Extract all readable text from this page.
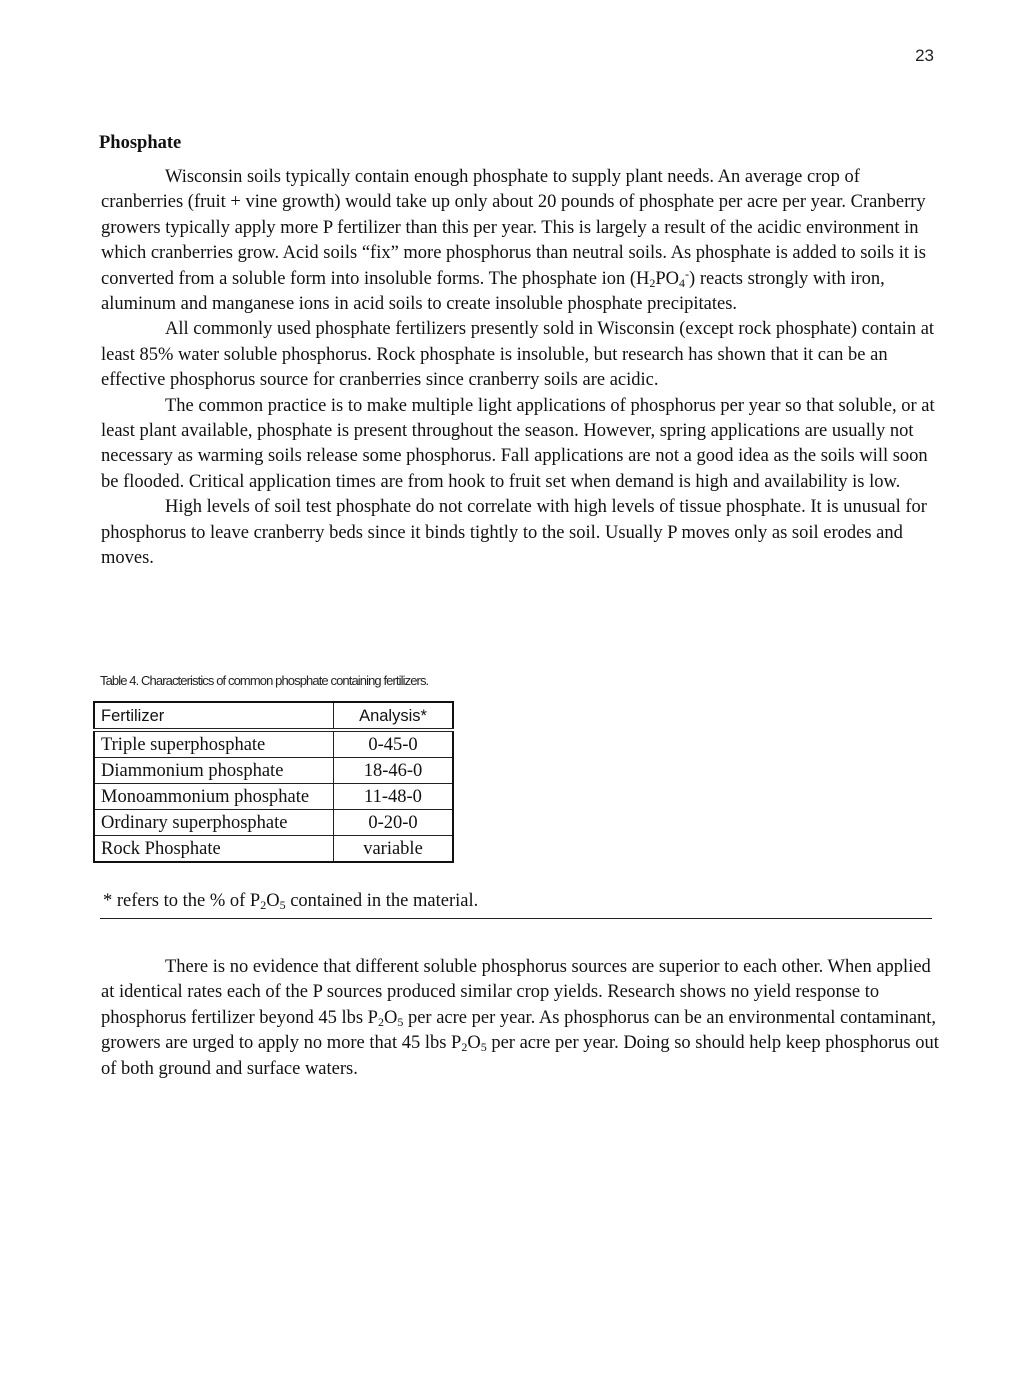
23
Phosphate

Wisconsin soils typically contain enough phosphate to supply plant needs. An average crop of cranberries (fruit + vine growth) would take up only about 20 pounds of phosphate per acre per year. Cranberry growers typically apply more P fertilizer than this per year. This is largely a result of the acidic environment in which cranberries grow. Acid soils “fix” more phosphorus than neutral soils. As phosphate is added to soils it is converted from a soluble form into insoluble forms. The phosphate ion $(H_2PO_4^-)$ reacts strongly with iron, aluminum and manganese ions in acid soils to create insoluble phosphate precipitates.

All commonly used phosphate fertilizers presently sold in Wisconsin (except rock phosphate) contain at least 85% water soluble phosphorus. Rock phosphate is insoluble, but research has shown that it can be an effective phosphorus source for cranberries since cranberry soils are acidic.

The common practice is to make multiple light applications of phosphorus per year so that soluble, or at least plant available, phosphate is present throughout the season. However, spring applications are usually not necessary as warming soils release some phosphorus. Fall applications are not a good idea as the soils will soon be flooded. Critical application times are from hook to fruit set when demand is high and availability is low.

High levels of soil test phosphate do not correlate with high levels of tissue phosphate. It is unusual for phosphorus to leave cranberry beds since it binds tightly to the soil. Usually P moves only as soil erodes and moves.

Table 4. Characteristics of common phosphate containing fertilizers.
Fertilizer	Analysis*
Triple superphosphate	0-45-0
Diammonium phosphate	18-46-0
Monoammonium phosphate	11-48-0
Ordinary superphosphate	0-20-0
Rock Phosphate	variable
* refers to the % of $P_2O_5$ contained in the material.

There is no evidence that different soluble phosphorus sources are superior to each other. When applied at identical rates each of the P sources produced similar crop yields. Research shows no yield response to phosphorus fertilizer beyond 45 lbs $P_2O_5$ per acre per year. As phosphorus can be an environmental contaminant, growers are urged to apply no more that 45 lbs $P_2O_5$ per acre per year. Doing so should help keep phosphorus out of both ground and surface waters.
